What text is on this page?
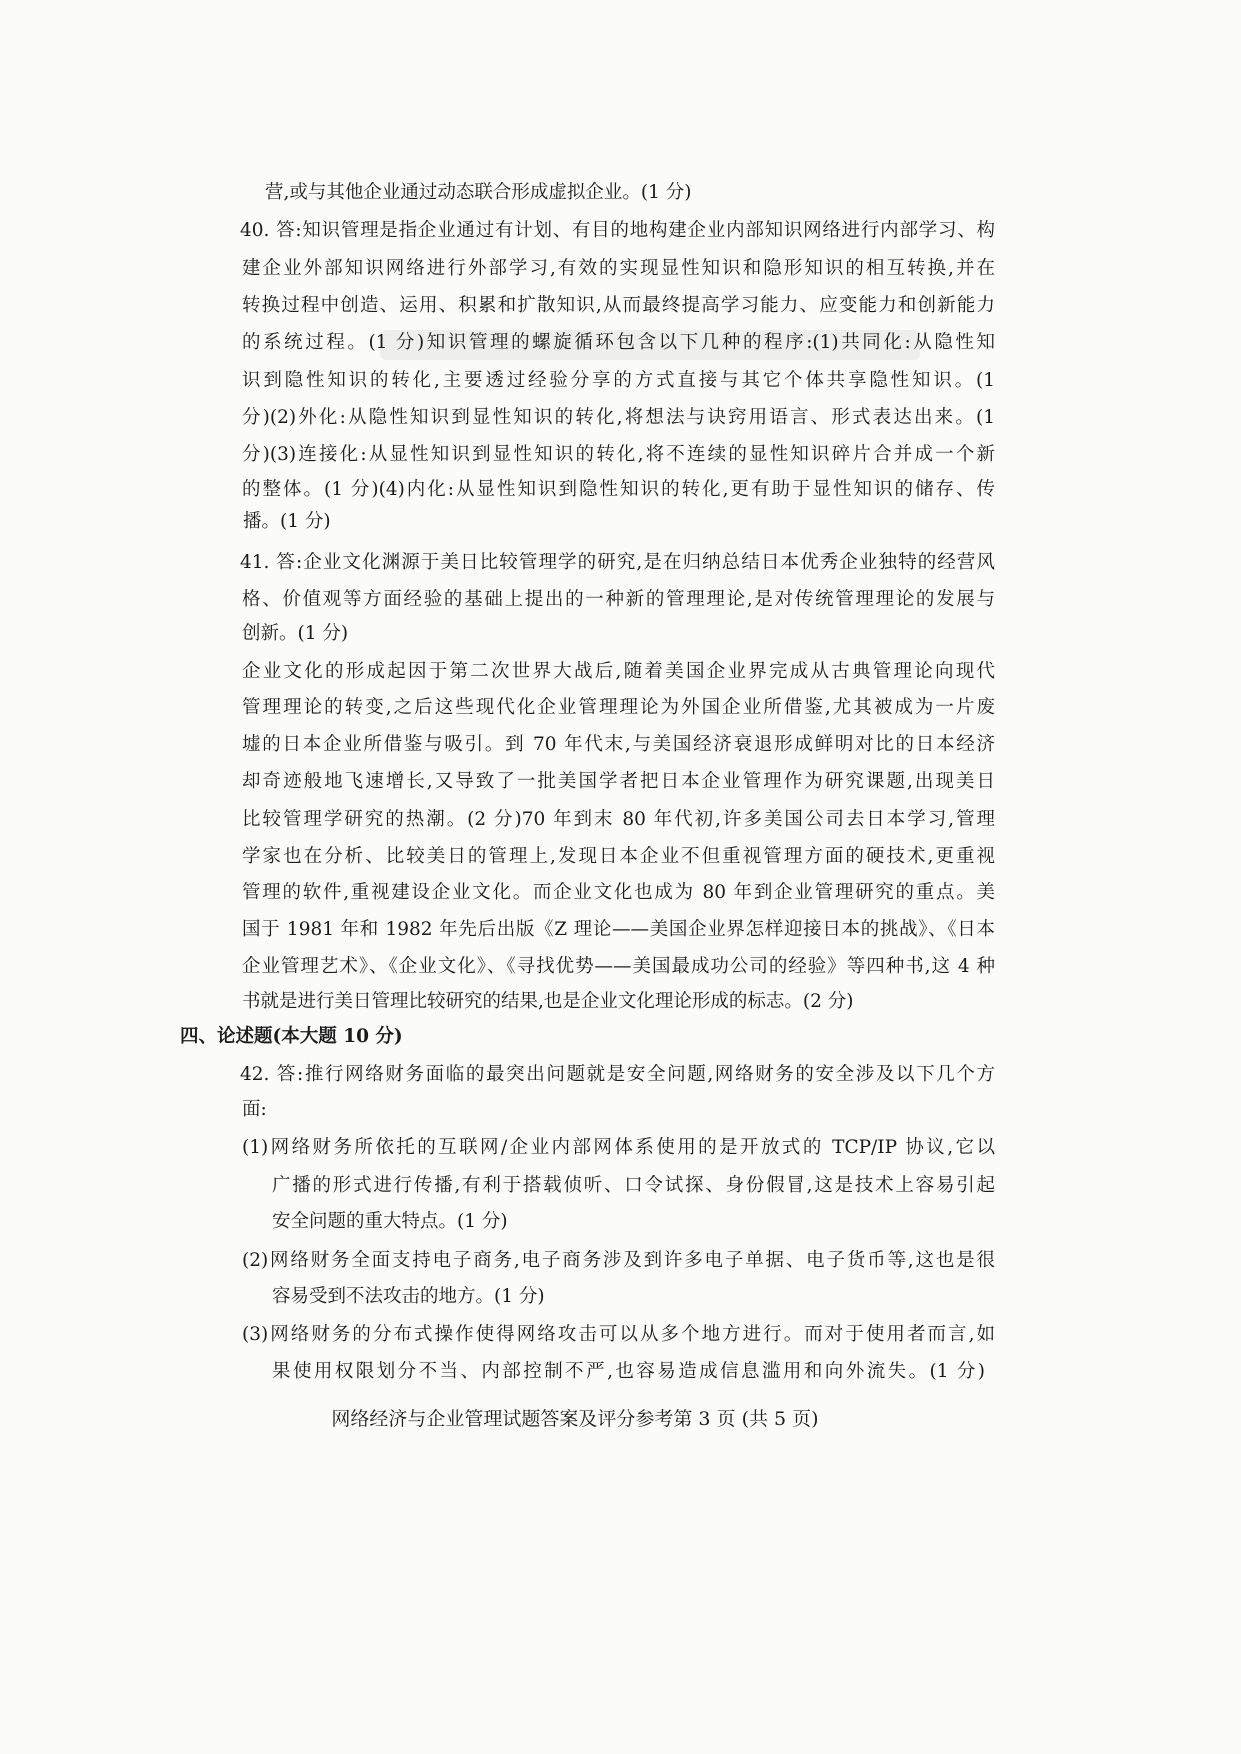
营,或与其他企业通过动态联合形成虚拟企业。(1 分)
40. 答:知识管理是指企业通过有计划、有目的地构建企业内部知识网络进行内部学习、构
建企业外部知识网络进行外部学习,有效的实现显性知识和隐形知识的相互转换,并在
转换过程中创造、运用、积累和扩散知识,从而最终提高学习能力、应变能力和创新能力
的系统过程。(1 分)知识管理的螺旋循环包含以下几种的程序:(1)共同化:从隐性知
识到隐性知识的转化,主要透过经验分享的方式直接与其它个体共享隐性知识。(1
分)(2)外化:从隐性知识到显性知识的转化,将想法与诀窍用语言、形式表达出来。(1
分)(3)连接化:从显性知识到显性知识的转化,将不连续的显性知识碎片合并成一个新
的整体。(1 分)(4)内化:从显性知识到隐性知识的转化,更有助于显性知识的储存、传
播。(1 分)
41. 答:企业文化渊源于美日比较管理学的研究,是在归纳总结日本优秀企业独特的经营风
格、价值观等方面经验的基础上提出的一种新的管理理论,是对传统管理理论的发展与
创新。(1 分)
企业文化的形成起因于第二次世界大战后,随着美国企业界完成从古典管理论向现代
管理理论的转变,之后这些现代化企业管理理论为外国企业所借鉴,尤其被成为一片废
墟的日本企业所借鉴与吸引。到 70 年代末,与美国经济衰退形成鲜明对比的日本经济
却奇迹般地飞速增长,又导致了一批美国学者把日本企业管理作为研究课题,出现美日
比较管理学研究的热潮。(2 分)70 年到末 80 年代初,许多美国公司去日本学习,管理
学家也在分析、比较美日的管理上,发现日本企业不但重视管理方面的硬技术,更重视
管理的软件,重视建设企业文化。而企业文化也成为 80 年到企业管理研究的重点。美
国于 1981 年和 1982 年先后出版《Z 理论——美国企业界怎样迎接日本的挑战》、《日本
企业管理艺术》、《企业文化》、《寻找优势——美国最成功公司的经验》等四种书,这 4 种
书就是进行美日管理比较研究的结果,也是企业文化理论形成的标志。(2 分)
四、论述题(本大题 10 分)
42. 答:推行网络财务面临的最突出问题就是安全问题,网络财务的安全涉及以下几个方
面:
(1)网络财务所依托的互联网/企业内部网体系使用的是开放式的 TCP/IP 协议,它以
广播的形式进行传播,有利于搭载侦听、口令试探、身份假冒,这是技术上容易引起
安全问题的重大特点。(1 分)
(2)网络财务全面支持电子商务,电子商务涉及到许多电子单据、电子货币等,这也是很
容易受到不法攻击的地方。(1 分)
(3)网络财务的分布式操作使得网络攻击可以从多个地方进行。而对于使用者而言,如
果使用权限划分不当、内部控制不严,也容易造成信息滥用和向外流失。(1 分)
网络经济与企业管理试题答案及评分参考第 3 页 (共 5 页)
